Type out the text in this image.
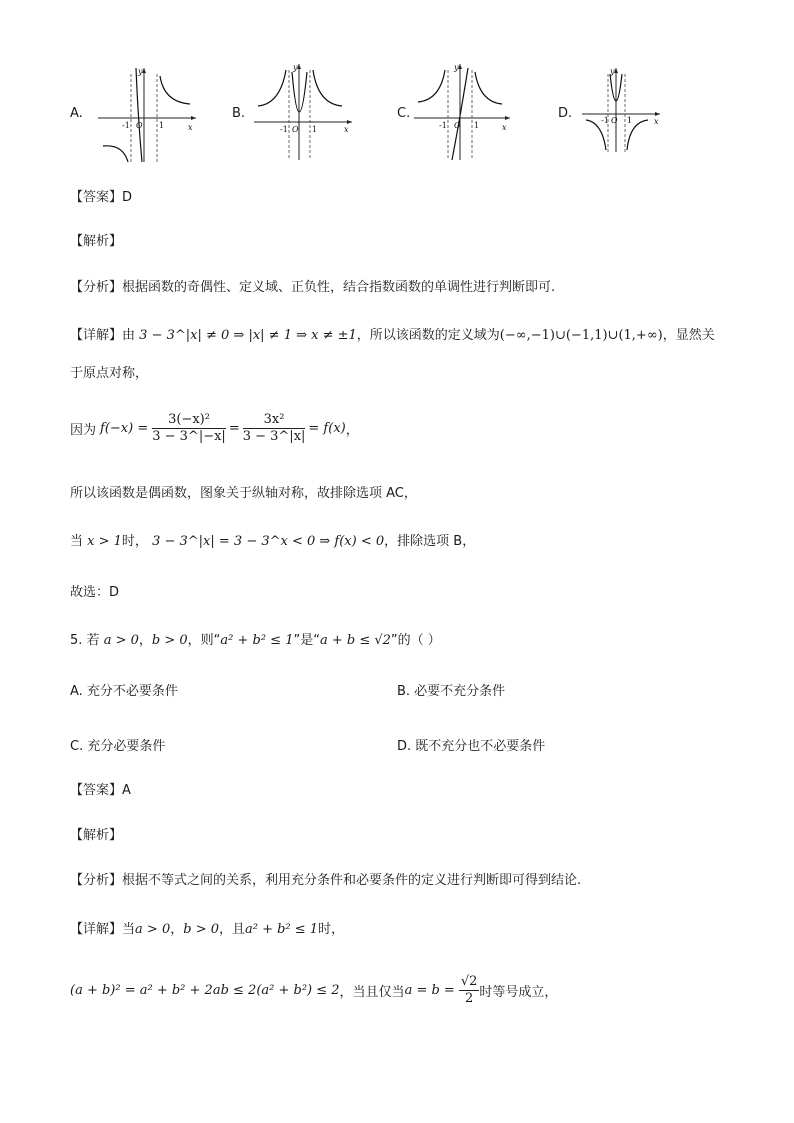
A.
-1 O 1	x
y
B.
-1 O 1	x
y
C.
-1 O 1	x
y
D.	-1 O 1	x
y
【答案】D
【解析】
【分析】根据函数的奇偶性、定义域、正负性，结合指数函数的单调性进行判断即可.
【详解】由 3 − 3^|x| ≠ 0 ⇒ |x| ≠ 1 ⇒ x ≠ ±1，所以该函数的定义域为(−∞,−1)∪(−1,1)∪(1,+∞)，显然关
于原点对称，
因为 $f(-x) = \frac{\text{3(−x)²}}{3 - 3\^{}|-x|} = \frac{\text{3x²}}{3 - 3\^{}|x|} = f(x)$ ，
所以该函数是偶函数，图象关于纵轴对称，故排除选项 AC，
当 x > 1时， 3 − 3^|x| = 3 − 3^x < 0 ⇒ f(x) < 0，排除选项 B，
故选：D
5. 若 a > 0，b > 0，则“a² + b² ≤ 1”是“a + b ≤ √2”的（ ）
A. 充分不必要条件	B. 必要不充分条件
C. 充分必要条件	D. 既不充分也不必要条件
【答案】A
【解析】
【分析】根据不等式之间的关系，利用充分条件和必要条件的定义进行判断即可得到结论.
【详解】当a > 0，b > 0，且a² + b² ≤ 1时，
(a + b)² = a² + b² + 2ab ≤ 2(a² + b²) ≤ 2 ，当且仅当 $a = b = \frac{√2}{2}$ 时等号成立，
